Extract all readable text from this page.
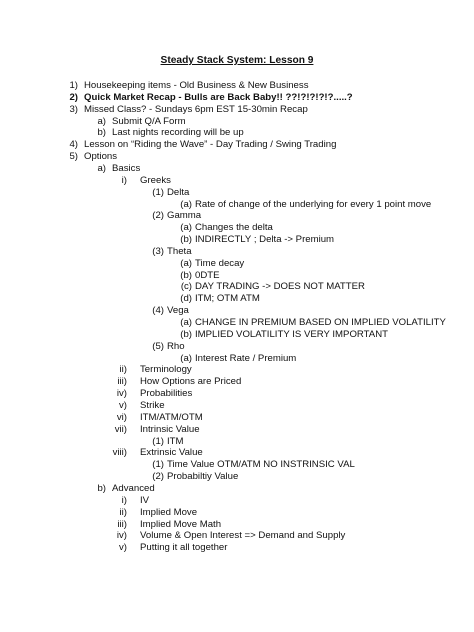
Steady Stack System: Lesson 9
1) Housekeeping items - Old Business & New Business
2) Quick Market Recap - Bulls are Back Baby!! ??!?!?!?!?.....?
3) Missed Class? - Sundays 6pm EST 15-30min Recap
a) Submit Q/A Form
b) Last nights recording will be up
4) Lesson on “Riding the Wave” - Day Trading / Swing Trading
5) Options
a) Basics
i) Greeks
(1) Delta
(a) Rate of change of the underlying for every 1 point move
(2) Gamma
(a) Changes the delta
(b) INDIRECTLY ; Delta -> Premium
(3) Theta
(a) Time decay
(b) 0DTE
(c) DAY TRADING -> DOES NOT MATTER
(d) ITM; OTM ATM
(4) Vega
(a) CHANGE IN PREMIUM BASED ON IMPLIED VOLATILITY
(b) IMPLIED VOLATILITY IS VERY IMPORTANT
(5) Rho
(a) Interest Rate / Premium
ii) Terminology
iii) How Options are Priced
iv) Probabilities
v) Strike
vi) ITM/ATM/OTM
vii) Intrinsic Value
(1) ITM
viii) Extrinsic Value
(1) Time Value OTM/ATM NO INSTRINSIC VAL
(2) Probabiltiy Value
b) Advanced
i) IV
ii) Implied Move
iii) Implied Move Math
iv) Volume & Open Interest => Demand and Supply
v) Putting it all together
